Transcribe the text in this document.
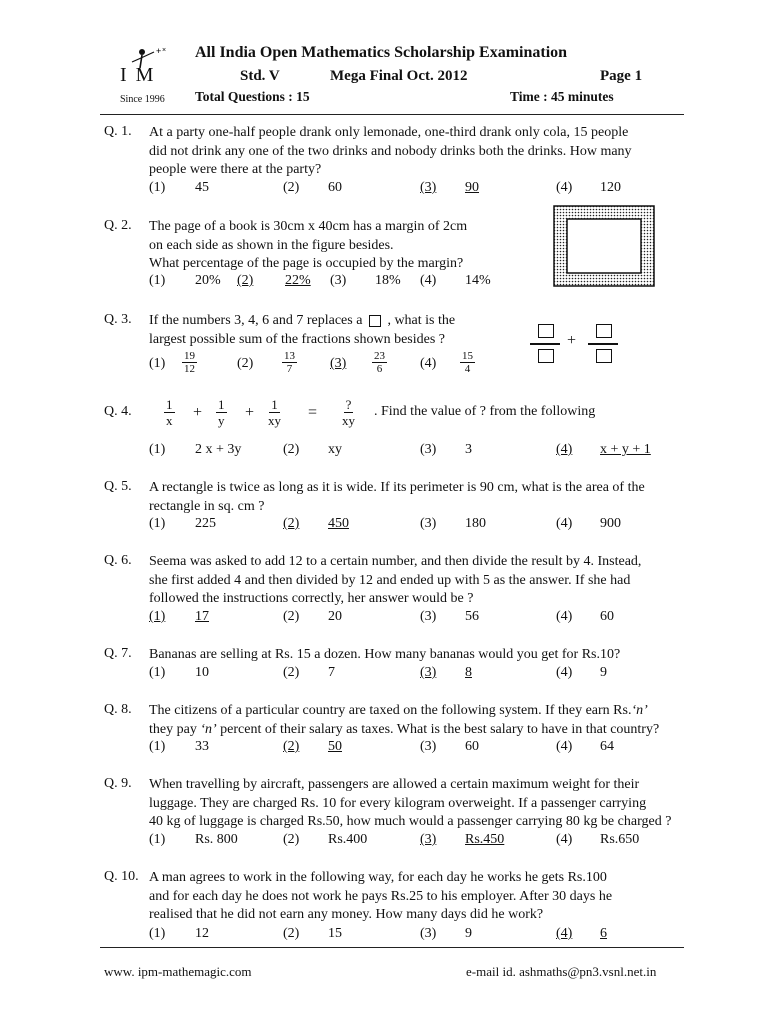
+ ×
I M
Since 1996
All India Open Mathematics Scholarship Examination
Std. V	Mega Final Oct. 2012	Page 1
Total Questions : 15	Time : 45 minutes
Q. 1. At a party one-half people drank only lemonade, one-third drank only cola, 15 people
did not drink any one of the two drinks and nobody drinks both the drinks. How many
people were there at the party?
(1) 45	(2) 60	(3) 90	(4) 120
Q. 2. The page of a book is 30cm x 40cm has a margin of 2cm
on each side as shown in the figure besides.
What percentage of the page is occupied by the margin?
(1) 20% (2) 22% (3) 18% (4) 14%
Q. 3. If the numbers 3, 4, 6 and 7 replaces a , what is the
largest possible sum of the fractions shown besides ?
$(1) \frac{19}{12}$	(2)	$\frac{13}{7} (3) \frac{23}{6} (4) \frac{15}{4}$
+
Q. 4. $\frac{1}{x} + \frac{1}{y} + \frac{1}{xy} = \frac{?}{xy}$ . Find the value of ? from the following
(1) 2 x + 3y	(2) xy	(3) 3	(4) x + y + 1
Q. 5. A rectangle is twice as long as it is wide. If its perimeter is 90 cm, what is the area of the
rectangle in sq. cm ?
(1) 225	(2) 450	(3) 180	(4) 900
Q. 6. Seema was asked to add 12 to a certain number, and then divide the result by 4. Instead,
she first added 4 and then divided by 12 and ended up with 5 as the answer. If she had
followed the instructions correctly, her answer would be ?
(1) 17	(2) 20	(3) 56	(4) 60
Q. 7. Bananas are selling at Rs. 15 a dozen. How many bananas would you get for Rs.10?
(1) 10	(2) 7	(3) 8	(4) 9
Q. 8. The citizens of a particular country are taxed on the following system. If they earn Rs.‘n’
they pay ‘n’ percent of their salary as taxes. What is the best salary to have in that country?
(1) 33	(2) 50	(3) 60	(4) 64
Q. 9. When travelling by aircraft, passengers are allowed a certain maximum weight for their
luggage. They are charged Rs. 10 for every kilogram overweight. If a passenger carrying
40 kg of luggage is charged Rs.50, how much would a passenger carrying 80 kg be charged ?
(1) Rs. 800	(2) Rs.400	(3) Rs.450	(4) Rs.650
Q. 10. A man agrees to work in the following way, for each day he works he gets Rs.100
and for each day he does not work he pays Rs.25 to his employer. After 30 days he
realised that he did not earn any money. How many days did he work?
(1) 12	(2) 15	(3) 9	(4) 6
www. ipm-mathemagic.com	e-mail id. ashmaths@pn3.vsnl.net.in
